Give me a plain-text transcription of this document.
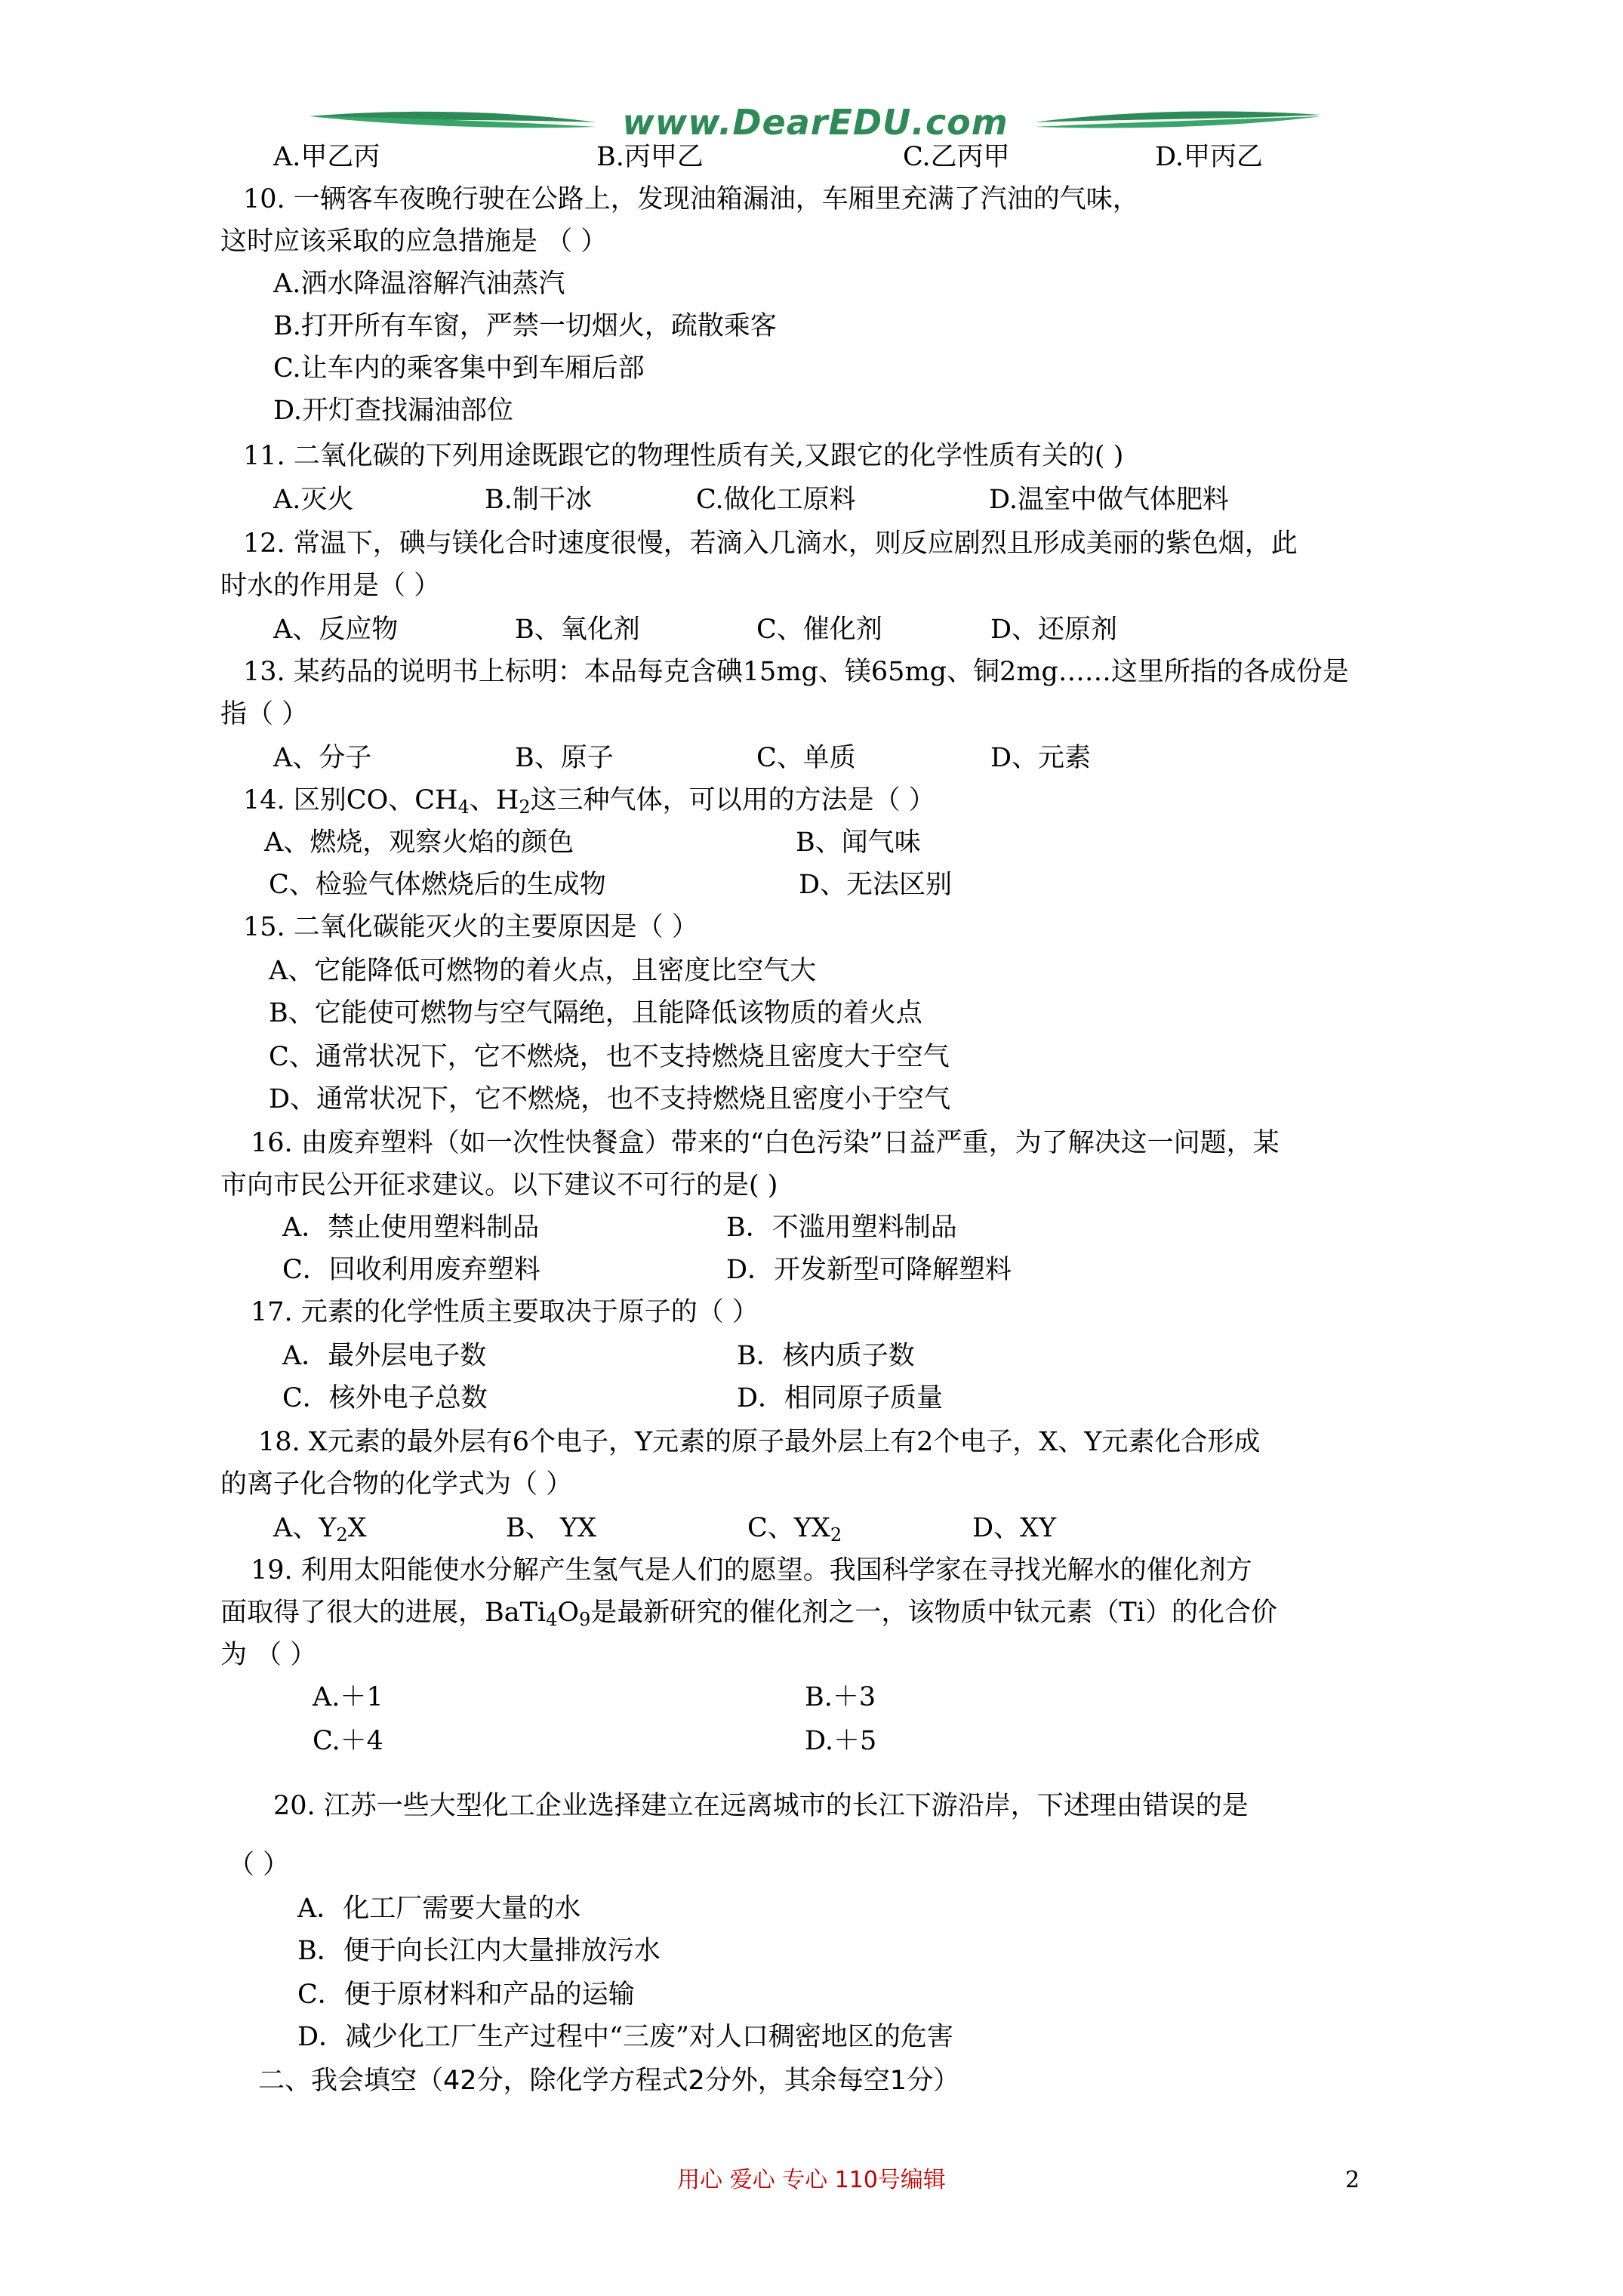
www.DearEDU.com
A.甲乙丙	B.丙甲乙	C.乙丙甲	D.甲丙乙
10. 一辆客车夜晚行驶在公路上，发现油箱漏油，车厢里充满了汽油的气味，
这时应该采取的应急措施是 （ ）
A.洒水降温溶解汽油蒸汽
B.打开所有车窗，严禁一切烟火，疏散乘客
C.让车内的乘客集中到车厢后部
D.开灯查找漏油部位
11. 二氧化碳的下列用途既跟它的物理性质有关,又跟它的化学性质有关的( )
A.灭火	B.制干冰	C.做化工原料	D.温室中做气体肥料
12. 常温下，碘与镁化合时速度很慢，若滴入几滴水，则反应剧烈且形成美丽的紫色烟，此
时水的作用是（ ）
A、反应物	B、氧化剂	C、催化剂	D、还原剂
13. 某药品的说明书上标明：本品每克含碘15mg、镁65mg、铜2mg……这里所指的各成份是
指（ ）
A、分子	B、原子	C、单质	D、元素
14. 区别CO、$CH_4$、$H_2$这三种气体，可以用的方法是（ ）
A、燃烧，观察火焰的颜色	B、闻气味
C、检验气体燃烧后的生成物	D、无法区别
15. 二氧化碳能灭火的主要原因是（ ）
A、它能降低可燃物的着火点，且密度比空气大
B、它能使可燃物与空气隔绝，且能降低该物质的着火点
C、通常状况下，它不燃烧，也不支持燃烧且密度大于空气
D、通常状况下，它不燃烧，也不支持燃烧且密度小于空气
16. 由废弃塑料（如一次性快餐盒）带来的“白色污染”日益严重，为了解决这一问题，某
市向市民公开征求建议。以下建议不可行的是( )
A．禁止使用塑料制品	B．不滥用塑料制品
C．回收利用废弃塑料	D．开发新型可降解塑料
17. 元素的化学性质主要取决于原子的（ ）
A．最外层电子数	B．核内质子数
C．核外电子总数	D．相同原子质量
18. X元素的最外层有6个电子，Y元素的原子最外层上有2个电子，X、Y元素化合形成
的离子化合物的化学式为（ ）
A、$Y_2X$	B、 YX	C、$YX_2$	D、XY
19. 利用太阳能使水分解产生氢气是人们的愿望。我国科学家在寻找光解水的催化剂方
面取得了很大的进展，$BaTi_4O_9$是最新研究的催化剂之一，该物质中钛元素（Ti）的化合价
为 （ ）
A.＋1	B.＋3
C.＋4	D.＋5
20. 江苏一些大型化工企业选择建立在远离城市的长江下游沿岸，下述理由错误的是
（ ）
A．化工厂需要大量的水
B．便于向长江内大量排放污水
C．便于原材料和产品的运输
D．减少化工厂生产过程中“三废”对人口稠密地区的危害
二、我会填空（42分，除化学方程式2分外，其余每空1分）
用心 爱心 专心 110号编辑	2
